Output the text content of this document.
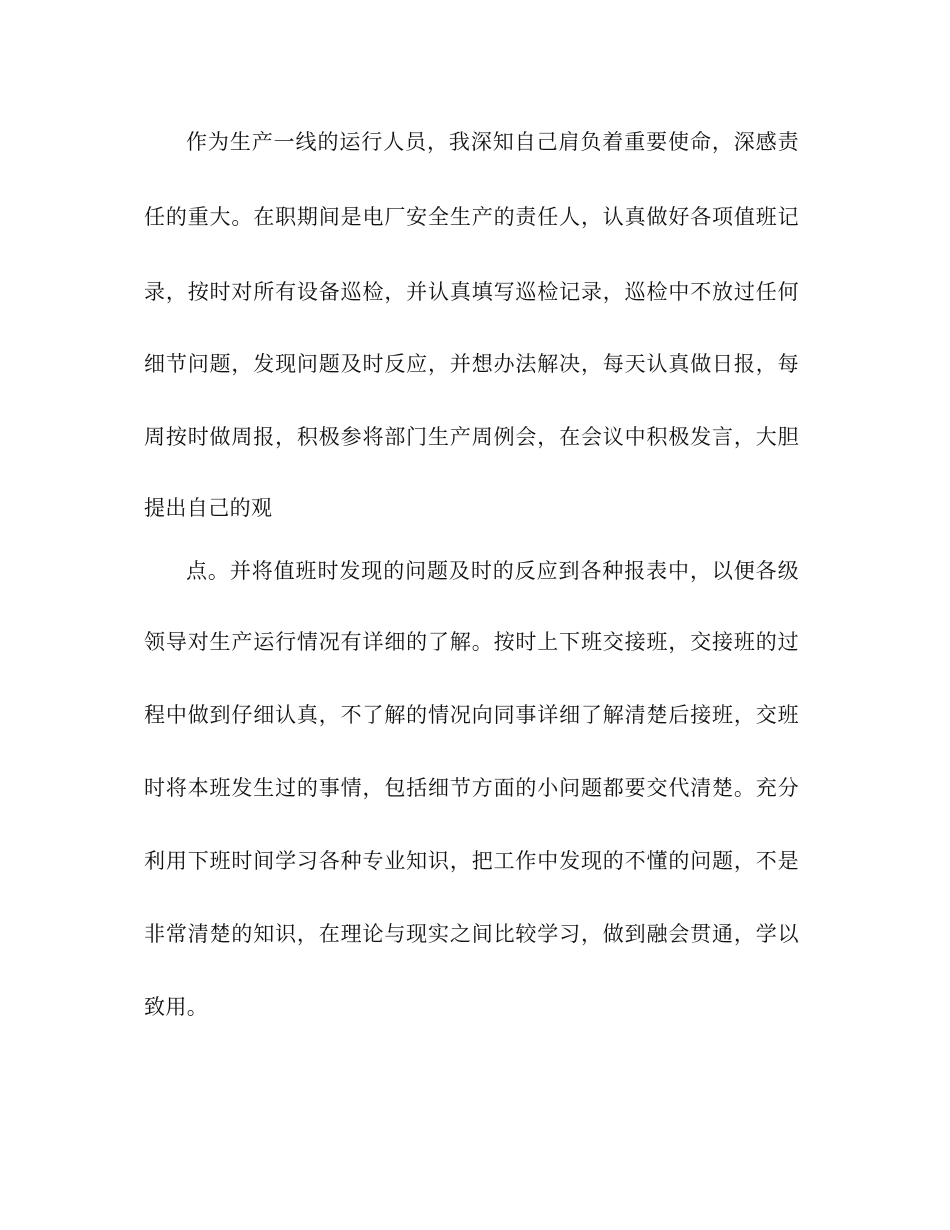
作为生产一线的运行人员，我深知自己肩负着重要使命，深感责
任的重大。在职期间是电厂安全生产的责任人，认真做好各项值班记
录，按时对所有设备巡检，并认真填写巡检记录，巡检中不放过任何
细节问题，发现问题及时反应，并想办法解决，每天认真做日报，每
周按时做周报，积极参将部门生产周例会，在会议中积极发言，大胆
提出自己的观
点。并将值班时发现的问题及时的反应到各种报表中，以便各级
领导对生产运行情况有详细的了解。按时上下班交接班，交接班的过
程中做到仔细认真，不了解的情况向同事详细了解清楚后接班，交班
时将本班发生过的事情，包括细节方面的小问题都要交代清楚。充分
利用下班时间学习各种专业知识，把工作中发现的不懂的问题，不是
非常清楚的知识，在理论与现实之间比较学习，做到融会贯通，学以
致用。
